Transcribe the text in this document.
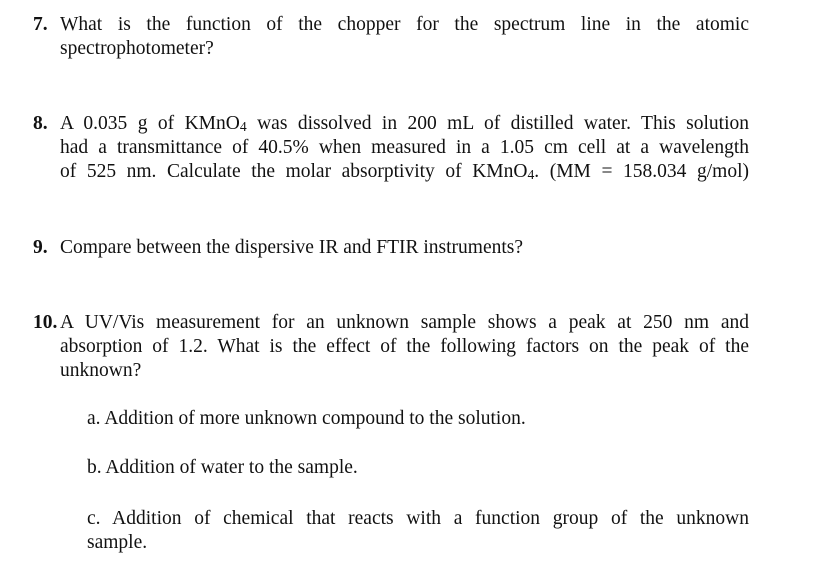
7. What is the function of the chopper for the spectrum line in the atomic
spectrophotometer?
8. A 0.035 g of KMnO$_4$ was dissolved in 200 mL of distilled water. This solution
had a transmittance of 40.5% when measured in a 1.05 cm cell at a wavelength
of 525 nm. Calculate the molar absorptivity of KMnO$_4$. (MM = 158.034 g/mol)
9. Compare between the dispersive IR and FTIR instruments?
10. A UV/Vis measurement for an unknown sample shows a peak at 250 nm and
absorption of 1.2. What is the effect of the following factors on the peak of the
unknown?
a. Addition of more unknown compound to the solution.
b. Addition of water to the sample.
c. Addition of chemical that reacts with a function group of the unknown
sample.
